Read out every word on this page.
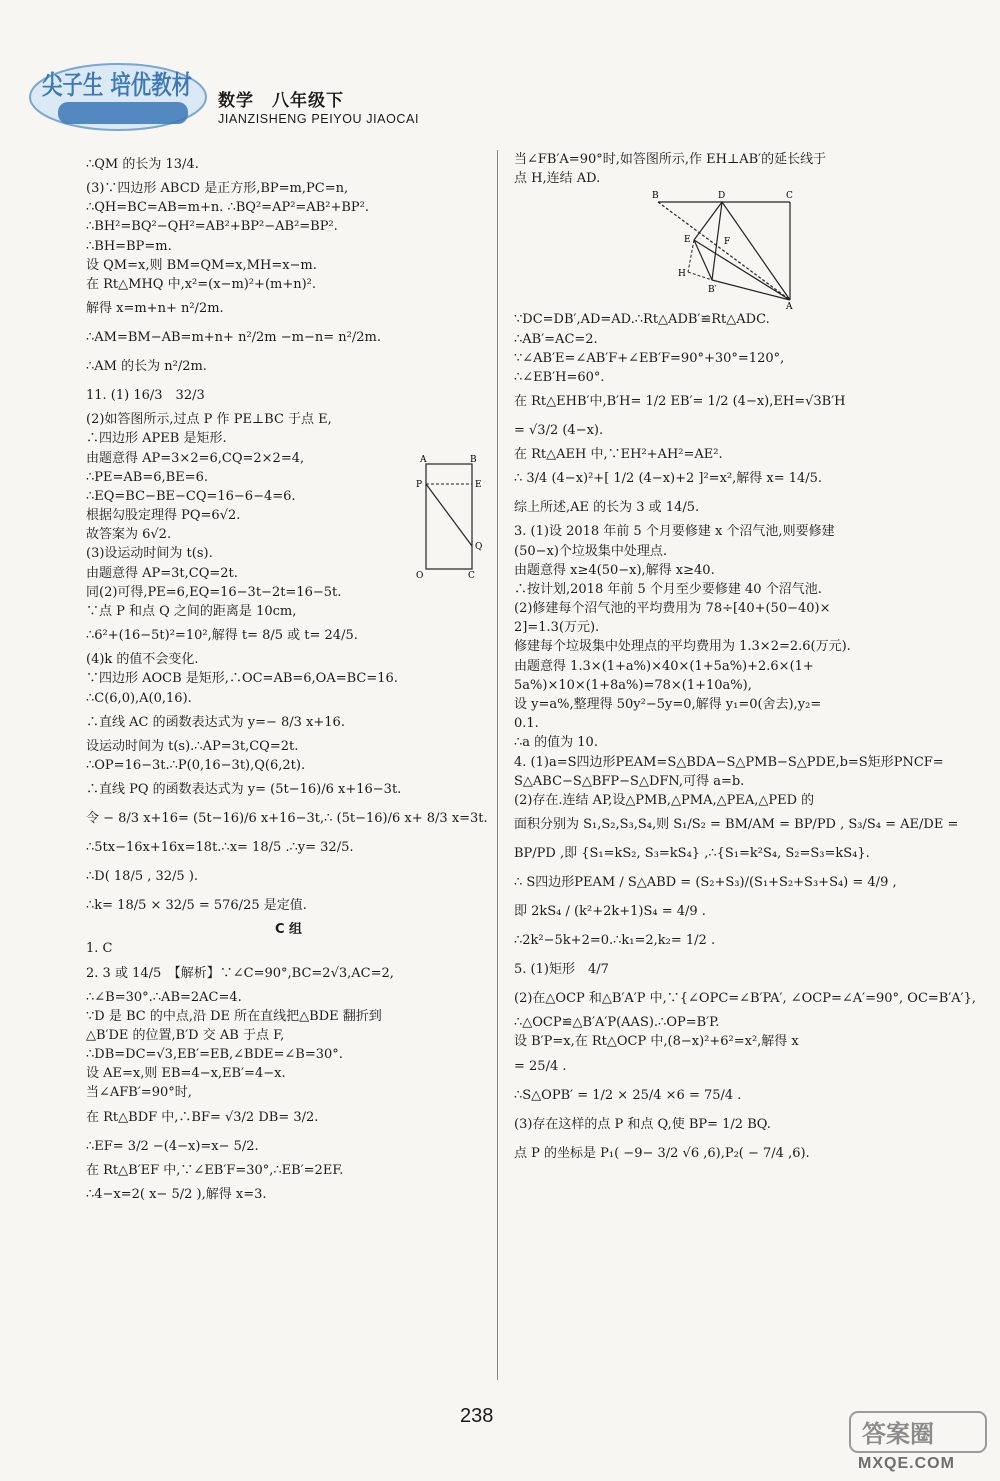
尖子生 培优教材
数学　八年级下
JIANZISHENG PEIYOU JIAOCAI

∴QM 的长为 13/4.

(3)∵四边形 ABCD 是正方形,BP=m,PC=n,

∴QH=BC=AB=m+n. ∴BQ²=AP²=AB²+BP².

∴BH²=BQ²−QH²=AB²+BP²−AB²=BP².

∴BH=BP=m.

设 QM=x,则 BM=QM=x,MH=x−m.

在 Rt△MHQ 中,x²=(x−m)²+(m+n)².

解得 x=m+n+ n²/2m.

∴AM=BM−AB=m+n+ n²/2m −m−n= n²/2m.

∴AM 的长为 n²/2m.

11. (1) 16/3　32/3

(2)如答图所示,过点 P 作 PE⊥BC 于点 E,

∴四边形 APEB 是矩形.

由题意得 AP=3×2=6,CQ=2×2=4,

∴PE=AB=6,BE=6.

∴EQ=BC−BE−CQ=16−6−4=6.

根据勾股定理得 PQ=6√2.

故答案为 6√2.

(3)设运动时间为 t(s).

由题意得 AP=3t,CQ=2t.

同(2)可得,PE=6,EQ=16−3t−2t=16−5t.

∵点 P 和点 Q 之间的距离是 10cm,

∴6²+(16−5t)²=10²,解得 t= 8/5 或 t= 24/5.

(4)k 的值不会变化.

∵四边形 AOCB 是矩形,∴OC=AB=6,OA=BC=16.

∴C(6,0),A(0,16).

∴直线 AC 的函数表达式为 y=− 8/3 x+16.

设运动时间为 t(s).∴AP=3t,CQ=2t.

∴OP=16−3t.∴P(0,16−3t),Q(6,2t).

∴直线 PQ 的函数表达式为 y= (5t−16)/6 x+16−3t.

令 − 8/3 x+16= (5t−16)/6 x+16−3t,∴ (5t−16)/6 x+ 8/3 x=3t.

∴5tx−16x+16x=18t.∴x= 18/5 .∴y= 32/5.

∴D( 18/5 , 32/5 ).

∴k= 18/5 × 32/5 = 576/25 是定值.

C 组

1. C

2. 3 或 14/5　【解析】∵∠C=90°,BC=2√3,AC=2,

∴∠B=30°.∴AB=2AC=4.

∵D 是 BC 的中点,沿 DE 所在直线把△BDE 翻折到

△B′DE 的位置,B′D 交 AB 于点 F,

∴DB=DC=√3,EB′=EB,∠BDE=∠B=30°.

设 AE=x,则 EB=4−x,EB′=4−x.

当∠AFB′=90°时,

在 Rt△BDF 中,∴BF= √3/2 DB= 3/2.

∴EF= 3/2 −(4−x)=x− 5/2.

在 Rt△B′EF 中,∵∠EB′F=30°,∴EB′=2EF.

∴4−x=2( x− 5/2 ),解得 x=3.

A	B
P	E
Q
O	C

当∠FB′A=90°时,如答图所示,作 EH⊥AB′的延长线于

点 H,连结 AD.

∵DC=DB′,AD=AD.∴Rt△ADB′≌Rt△ADC.

∴AB′=AC=2.

∵∠AB′E=∠AB′F+∠EB′F=90°+30°=120°,

∴∠EB′H=60°.

在 Rt△EHB′中,B′H= 1/2 EB′= 1/2 (4−x),EH=√3B′H

= √3/2 (4−x).

在 Rt△AEH 中,∵EH²+AH²=AE².

∴ 3/4 (4−x)²+[ 1/2 (4−x)+2 ]²=x²,解得 x= 14/5.

综上所述,AE 的长为 3 或 14/5.

3. (1)设 2018 年前 5 个月要修建 x 个沼气池,则要修建

(50−x)个垃圾集中处理点.

由题意得 x≥4(50−x),解得 x≥40.

∴按计划,2018 年前 5 个月至少要修建 40 个沼气池.

(2)修建每个沼气池的平均费用为 78÷[40+(50−40)×

2]=1.3(万元).

修建每个垃圾集中处理点的平均费用为 1.3×2=2.6(万元).

由题意得 1.3×(1+a%)×40×(1+5a%)+2.6×(1+

5a%)×10×(1+8a%)=78×(1+10a%),

设 y=a%,整理得 50y²−5y=0,解得 y₁=0(舍去),y₂=

0.1.

∴a 的值为 10.

4. (1)a=S四边形PEAM=S△BDA−S△PMB−S△PDE,b=S矩形PNCF=

S△ABC−S△BFP−S△DFN,可得 a=b.

(2)存在.连结 AP,设△PMB,△PMA,△PEA,△PED 的

面积分别为 S₁,S₂,S₃,S₄,则 S₁/S₂ = BM/AM = BP/PD , S₃/S₄ = AE/DE =

BP/PD ,即 {S₁=kS₂, S₃=kS₄} ,∴{S₁=k²S₄, S₂=S₃=kS₄}.

∴ S四边形PEAM / S△ABD = (S₂+S₃)/(S₁+S₂+S₃+S₄) = 4/9 ,

即 2kS₄ / (k²+2k+1)S₄ = 4/9 .

∴2k²−5k+2=0.∴k₁=2,k₂= 1/2 .

5. (1)矩形　4/7

(2)在△OCP 和△B′A′P 中,∵{∠OPC=∠B′PA′, ∠OCP=∠A′=90°, OC=B′A′},

∴△OCP≌△B′A′P(AAS).∴OP=B′P.

设 B′P=x,在 Rt△OCP 中,(8−x)²+6²=x²,解得 x

= 25/4 .

∴S△OPB′ = 1/2 × 25/4 ×6 = 75/4 .

(3)存在这样的点 P 和点 Q,使 BP= 1/2 BQ.

点 P 的坐标是 P₁( −9− 3/2 √6 ,6),P₂( − 7/4 ,6).

B	D	C
E	F
H
B′
A
238
答案圈
MXQE.COM
